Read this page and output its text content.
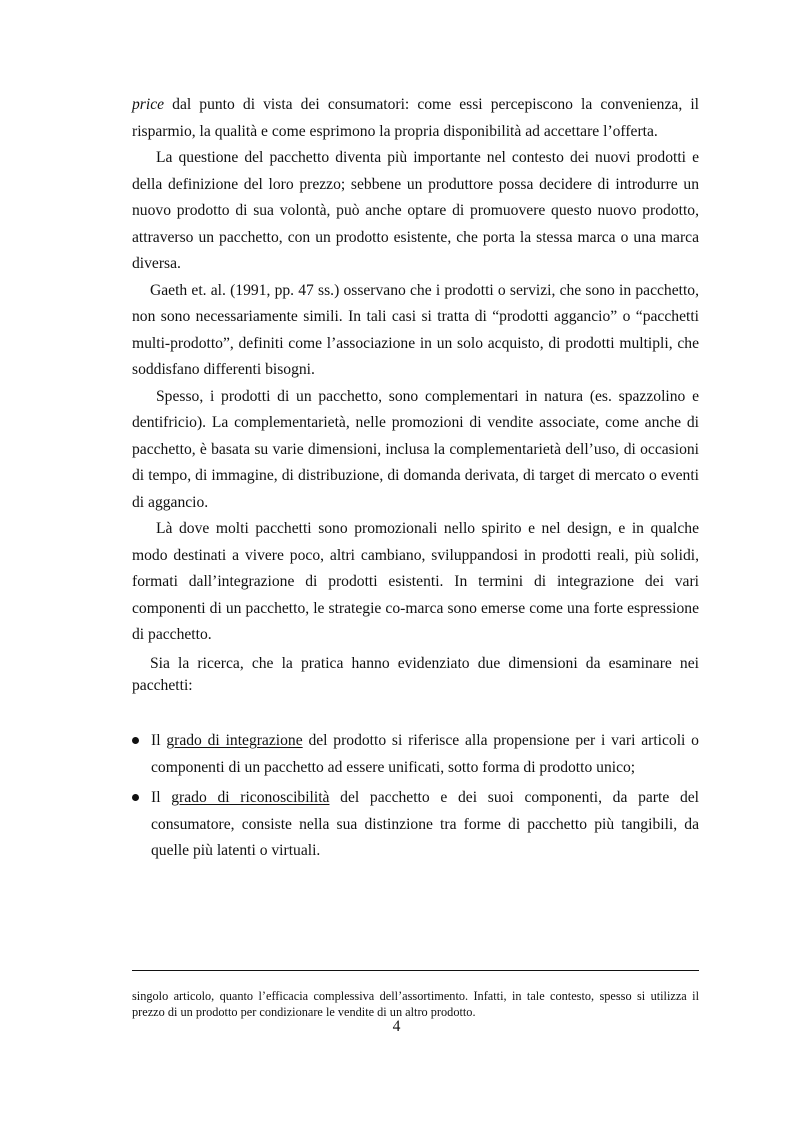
price dal punto di vista dei consumatori: come essi percepiscono la convenienza, il risparmio, la qualità e come esprimono la propria disponibilità ad accettare l’offerta.

La questione del pacchetto diventa più importante nel contesto dei nuovi prodotti e della definizione del loro prezzo; sebbene un produttore possa decidere di introdurre un nuovo prodotto di sua volontà, può anche optare di promuovere questo nuovo prodotto, attraverso un pacchetto, con un prodotto esistente, che porta la stessa marca o una marca diversa.

Gaeth et. al. (1991, pp. 47 ss.) osservano che i prodotti o servizi, che sono in pacchetto, non sono necessariamente simili. In tali casi si tratta di “prodotti aggancio” o “pacchetti multi-prodotto”, definiti come l’associazione in un solo acquisto, di prodotti multipli, che soddisfano differenti bisogni.

Spesso, i prodotti di un pacchetto, sono complementari in natura (es. spazzolino e dentifricio). La complementarietà, nelle promozioni di vendite associate, come anche di pacchetto, è basata su varie dimensioni, inclusa la complementarietà dell’uso, di occasioni di tempo, di immagine, di distribuzione, di domanda derivata, di target di mercato o eventi di aggancio.

Là dove molti pacchetti sono promozionali nello spirito e nel design, e in qualche modo destinati a vivere poco, altri cambiano, sviluppandosi in prodotti reali, più solidi, formati dall’integrazione di prodotti esistenti. In termini di integrazione dei vari componenti di un pacchetto, le strategie co-marca sono emerse come una forte espressione di pacchetto.

Sia la ricerca, che la pratica hanno evidenziato due dimensioni da esaminare nei pacchetti:

Il grado di integrazione del prodotto si riferisce alla propensione per i vari articoli o componenti di un pacchetto ad essere unificati, sotto forma di prodotto unico;
Il grado di riconoscibilità del pacchetto e dei suoi componenti, da parte del consumatore, consiste nella sua distinzione tra forme di pacchetto più tangibili, da quelle più latenti o virtuali.
singolo articolo, quanto l’efficacia complessiva dell’assortimento. Infatti, in tale contesto, spesso si utilizza il prezzo di un prodotto per condizionare le vendite di un altro prodotto.
4
